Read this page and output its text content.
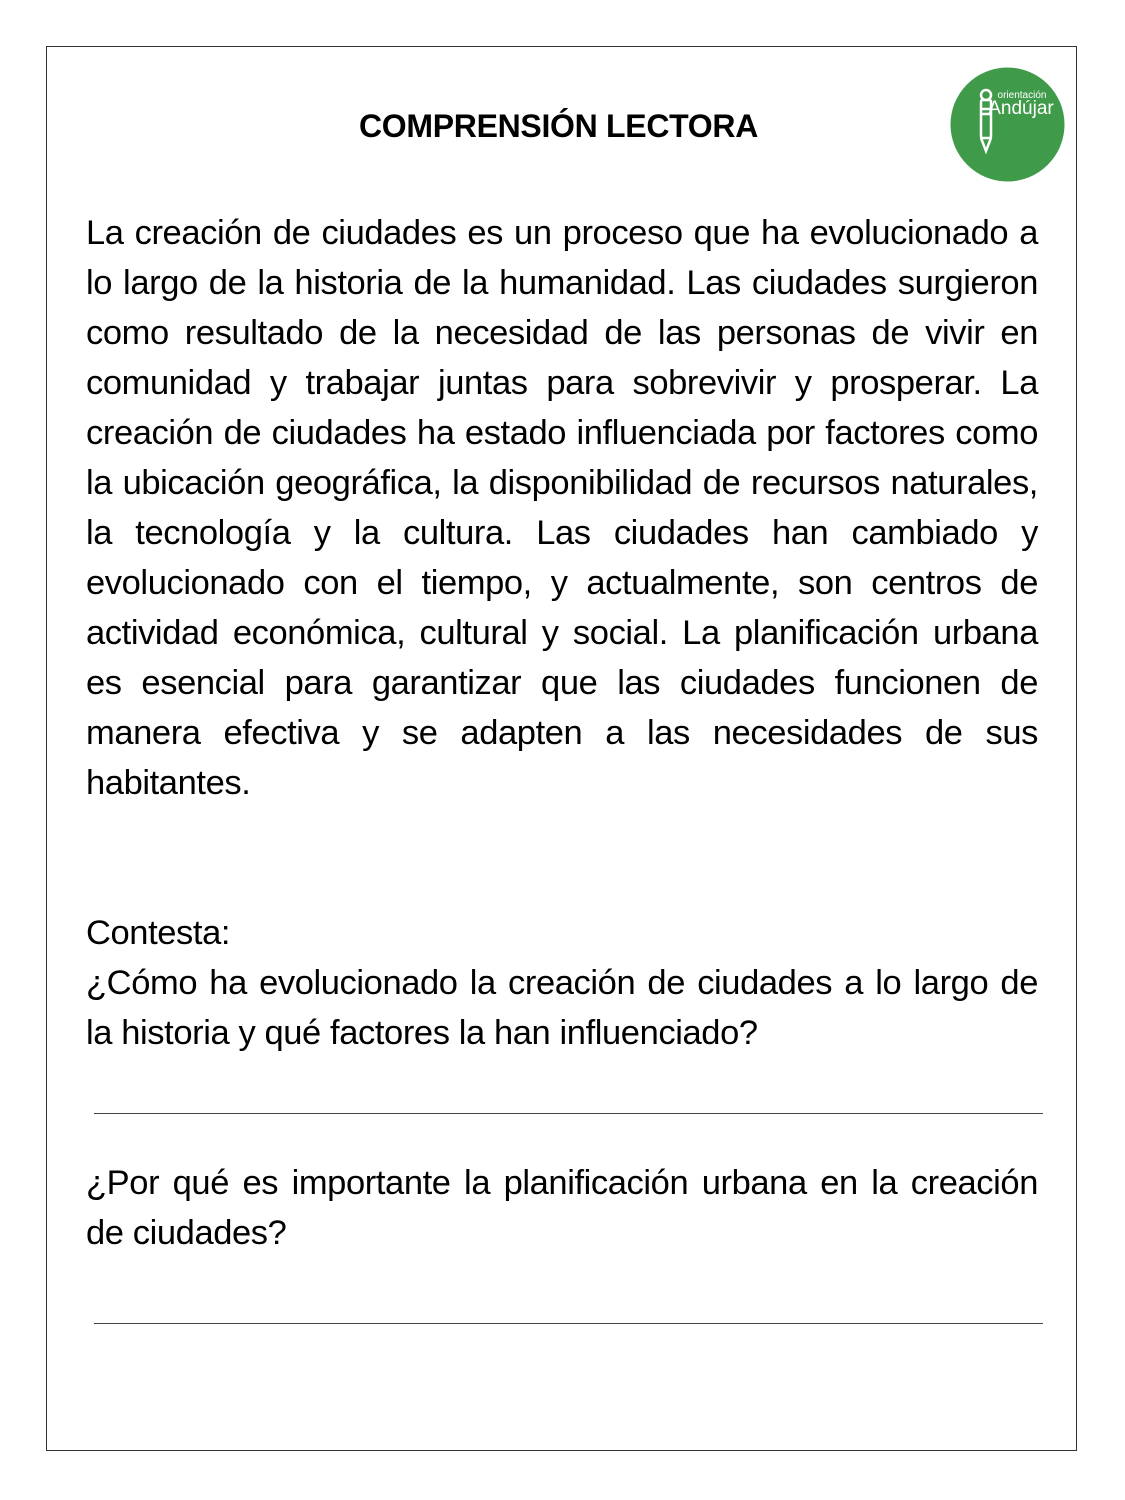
COMPRENSIÓN LECTORA
orientación
Andújar
La creación de ciudades es un proceso que ha evolucionado a lo largo de la historia de la humanidad. Las ciudades surgieron como resultado de la necesidad de las personas de vivir en comunidad y trabajar juntas para sobrevivir y prosperar. La creación de ciudades ha estado influenciada por factores como la ubicación geográfica, la disponibilidad de recursos naturales, la tecnología y la cultura. Las ciudades han cambiado y evolucionado con el tiempo, y actualmente, son centros de actividad económica, cultural y social. La planificación urbana es esencial para garantizar que las ciudades funcionen de manera efectiva y se adapten a las necesidades de sus habitantes.
Contesta:
¿Cómo ha evolucionado la creación de ciudades a lo largo de la historia y qué factores la han influenciado?
¿Por qué es importante la planificación urbana en la creación de ciudades?
